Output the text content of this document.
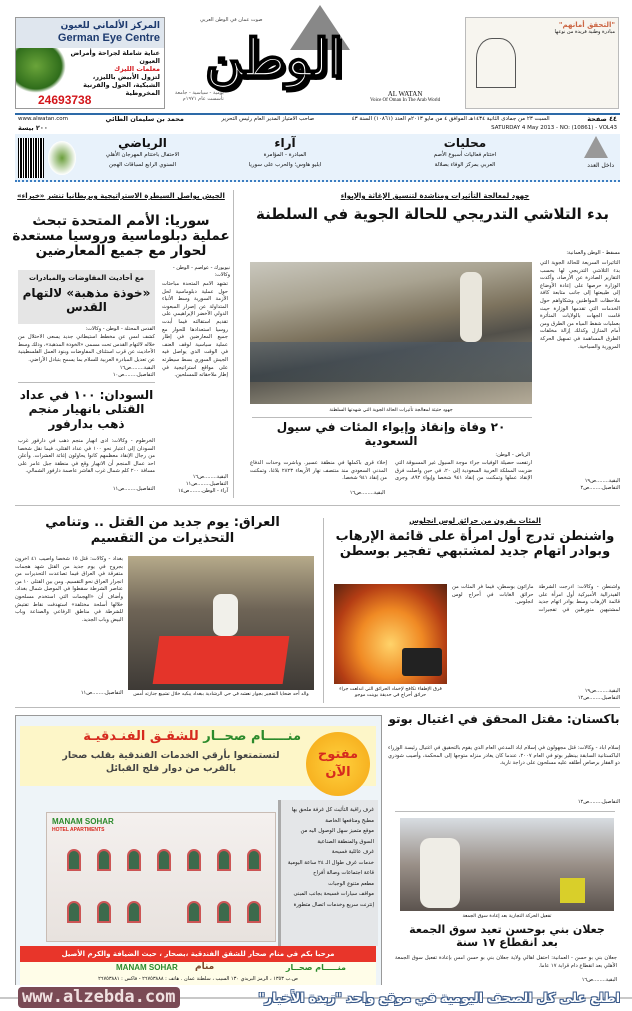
المركز الألماني للعيون
German Eye Centre
عناية شاملة لجراحة وأمراض العيون
معلمات الليزك
لتزول الأبيض بالليزر، الشبكية، الحول والقرنية المخروطية
24693738
صوت عمان في الوطن العربي
الوطن
AL WATAN
Voice Of Oman In The Arab World
يومية - سياسية - جامعة
تأسست عام ١٩٧١م
"التحقق أمانهم"
مبادرة وطنية فريدة من نوعها
٤٤ صفحة
السبت ٢٣ من جمادى الثانية ١٤٣٤هـ الموافق ٤ من مايو ٢٠١٣م العدد (١٠٨٦١) السنة ٤٣
صاحب الامتياز المدير العام رئيس التحرير
محمد بن سليمان الطائي
www.alwatan.com
SATURDAY 4 May 2013 - NO: (10861) - VOL43
٢٠٠ بيسة
داخل العدد
محليات
اختتام فعاليات أسبوع الأصم
العربي بمركز الوفاء بصلالة
آراء
المبادرة - المؤامرة
ابليو هاوس؛ والحرب على سوريا
الرياضي
الاحتفال باختتام المهرجان الأهلي
السنوي الرابع لسباقات الهجن
جهود لمعالجة التأثيرات ومناشدة لتنسيق الإغاثة والإيواء
بدء التلاشي التدريجي للحالة الجوية في السلطنة
جهود حثيثة لمعالجة تأثيرات الحالة الجوية التي شهدتها السلطنة
مسقط - الوطن والعمانية:
التأثيرات السريعة للحالة الجوية التي بدء التلاشي التدريجي لها بحسب التقارير الصادرة عن الأرصاد، وأكدت الوزارة حرصها على إعادة الأوضاع إلى طبيعتها إلى جانب متابعة كافة ملاحظات المواطنين وشكاواهم حول الخدمات التي تقدمها الوزارة حيث قامت الجهات بالولايات المتأثرة بعمليات شفط المياه من الطرق ومن أمام المنازل وكذلك إزالة مخلفات الطرق المساهمة في تسهيل الحركة المرورية والسياحية.
البقية........ص١٩
التفاصيل........ص٢
٢٠ وفاة وإنقاذ وإيواء المئات في سيول السعودية
الرياض - الوطن:
ارتفعت حصيلة الوفيات جراء موجة السيول غير المسبوقة التي ضربت المملكة العربية السعودية إلى ٢٠، في حين واصلت فرق الإنقاذ عملها وتمكنت من إنقاذ ٩٤١ شخصا وإيواء ٨٩٢، وجرى إخلاء قرى بأكملها في منطقة عسير. وباشرت وحدات الدفاع المدني السعودي منذ منتصف نهار الأربعاء ٢٨٢٣ بلاغا، وتمكنت من إنقاذ ٩٤١ شخصا.
البقية........ص١٦
الجيش يواصل السيطرة الاستراتيجية وبريطانيا تنشر «خبراء»
سوريا: الأمم المتحدة تبحث عملية دبلوماسية وروسيا مستعدة لحوار مع جميع المعارضين
نيويورك - عواصم - الوطن - وكالات:
تشهد الأمم المتحدة مباحثات حول عملية دبلوماسية لحل الأزمة السورية وسط الأنباء المتداولة عن إصرار المبعوث الدولي الأخضر الإبراهيمي على تقديم استقالته فيما أبدت روسيا استعدادها للحوار مع جميع المعارضين في إطار عملية سياسية لوقف العنف في الوقت الذي يواصل فيه الجيش السوري بسط سيطرته على مواقع استراتيجية في إطار ملاحقاته للمسلحين.
البقية........ص١٦
التفاصيل........ص١١
آراء - الوطن........ص١٤
مع أحاديث المفاوضات والمبادرات
«خوذة مذهبة» لالتهام القدس
القدس المحتلة - الوطن - وكالات:
كشف أمس عن مخطط استيطاني جديد يسعى الاحتلال من خلاله لالتهام القدس تحت مسمى «الخوذة المذهبة»، وذلك وسط الأحاديث عن قرب استئناف المفاوضات وبنود العمل الفلسطينية عن تعديل المبادرة العربية للسلام بما يسمح بتبادل الأراضي.
البقية........ص١٦
التفاصيل........ص١٠
السودان: ١٠٠ في عداد القتلى بانهيار منجم ذهب بدارفور
الخرطوم - وكالات: أدى انهيار منجم ذهب في دارفور غرب السودان إلى اعتبار نحو ١٠٠ في عداد القتلى، فيما نقل شخصا من رجال الإنقاذ معظمهم كانوا يحاولون إغاثة العشرات. وأعلن احد عمال المنجم أن الانهيار وقع في منطقة جبل عامر على مسافة ٢٠٠ كلم شمال غرب الفاشر عاصمة دارفور الشمالي.
التفاصيل........ص١١
العراق: يوم جديد من القتل .. وتنامي التحذيرات من التقسيم
بغداد - وكالات: قتل ١٥ شخصا وأصيب ٤١ آخرون بجروح في يوم جديد من القتل شهد هجمات متفرقة في العراق فيما تصاعدت التحذيرات من انجرار العراق نحو التقسيم. ومن بين القتلى ١٠ من عناصر الشرطة سقطوا في الموصل شمال بغداد. وأضاف أن «الهجمات التي استخدم مسلحون خلالها أسلحة مختلفة» استهدفت نقاط تفتيش للشرطة في مناطق الرفاعي والصناعة وباب البيض وباب الجديد.
التفاصيل........ص١١	والد أحد ضحايا التفجير بجوار نعشه في حي الرشادية ببغداد يبكيه خلال تشييع جنازته أمس
المئات يفرون من حرائق لوس انجلوس
واشنطن تدرج أول امرأة على قائمة الإرهاب وبوادر اتهام جديد لمشتبهي تفجير بوسطن
فرق الإطفاء تكافح لإخماد الحرائق التي اندلعت جراء حرائق أحراج في حديقة بوينت موجو
واشنطن - وكالات: أدرجت الشرطة الفيدرالية الأميركية أول امرأة على قائمة الإرهاب وسط بوادر اتهام جديد لمشتبهين متورطين في تفجيرات ماراثون بوسطن، فيما فر المئات من حرائق الغابات في أحراج لوس انجلوس.
البقية........ص١٩
التفاصيل........ص١٢
منـــــام صحــار للشقـق الفنـدقيـة
لتستمتعوا بأرقي الخدمات الفندقية بقلب صحار
بالقرب من دوار فلج القبائل
مفتوح الآن
غرف راقية التأثيث كل غرفة ملحق بها مطبخ ومنافعها الخاصة
موقع متميز سهل الوصول اليه من السوق والمنطقة الصناعية
غرف عائلية فسيحة
خدمات غرف طوال الـ ٢٤ ساعة اليومية
قاعة اجتماعات وصالة أفراح
مطعم متنوع الوجبات
مواقف سيارات فسيحة بجانب المبنى
إنترنت سريع وخدمات اتصال متطورة
MANAM SOHAR
HOTEL APARTMENTS
مرحبا بكم في منام صحار للشقق الفندقية ،بصحار ، حيث الضيافة والكرم الأصيل
MANAM SOHAR منام	منـــــام صحــار
ص.ب ١٣٥٣ ، الرمز البريدي ١٣٠ السيب ، سلطنة عمان . هاتف : ٢٦٧٥٣٨٨٨ - فاكس : ٢٦٧٥٣٨٨١
باكستان: مقتل المحقق في اغتيال بوتو
إسلام آباد - وكالات: قتل مجهولون في إسلام آباد المدعي العام الذي يقوم بالتحقيق في اغتيال رئيسة الوزراء الباكستانية السابقة بينظير بوتو في العام ٢٠٠٧، عندما كان يغادر منزله متوجها إلى المحكمة، وأصيب شودري ذو الفقار برصاص أطلقه عليه مسلحون على دراجة نارية.
التفاصيل........ص١٢
تفعيل الحركة التجارية بعد إعادة سوق الجمعة
جعلان بني بوحسن تعيد سوق الجمعة بعد انقطاع ١٧ سنة
جعلان بني بو حسن - العمانية: احتفل أهالي ولاية جعلان بني بو حسن أمس بإعادة تفعيل سوق الجمعة الأهلي بعد انقطاع دام قرابة ١٧ عاما.
البقية........ص١٦
www.alzebda.com	اطلع على كل الصحف اليومية في موقع واحد "زبدة الأخبار"
